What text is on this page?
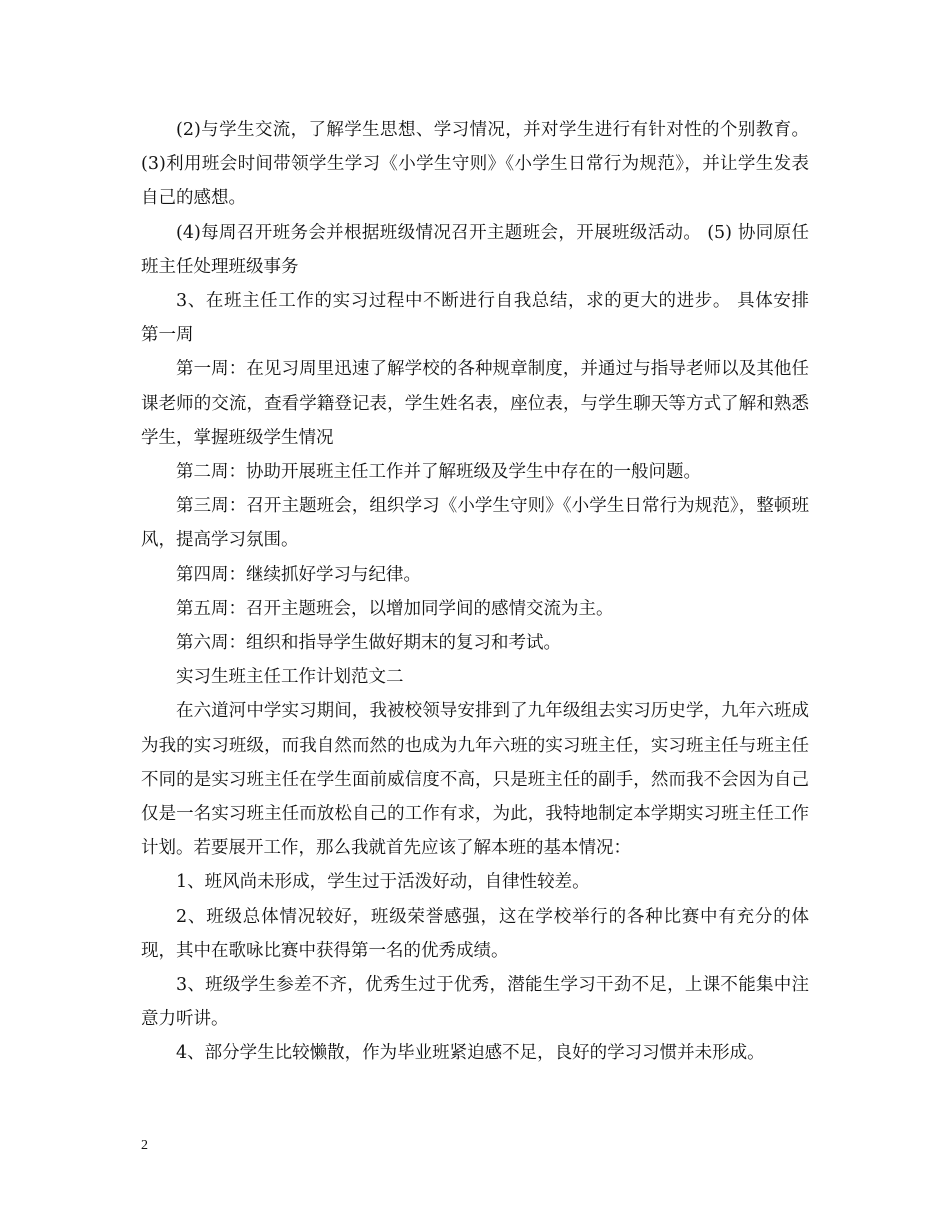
(2)与学生交流，了解学生思想、学习情况，并对学生进行有针对性的个别教育。 (3)利用班会时间带领学生学习《小学生守则》《小学生日常行为规范》，并让学生发表自己的感想。

(4)每周召开班务会并根据班级情况召开主题班会，开展班级活动。 (5) 协同原任班主任处理班级事务

3、在班主任工作的实习过程中不断进行自我总结，求的更大的进步。 具体安排 第一周

第一周：在见习周里迅速了解学校的各种规章制度，并通过与指导老师以及其他任课老师的交流，查看学籍登记表，学生姓名表，座位表，与学生聊天等方式了解和熟悉学生，掌握班级学生情况

第二周：协助开展班主任工作并了解班级及学生中存在的一般问题。

第三周：召开主题班会，组织学习《小学生守则》《小学生日常行为规范》，整顿班风，提高学习氛围。

第四周：继续抓好学习与纪律。

第五周：召开主题班会，以增加同学间的感情交流为主。

第六周：组织和指导学生做好期末的复习和考试。

实习生班主任工作计划范文二

在六道河中学实习期间，我被校领导安排到了九年级组去实习历史学，九年六班成为我的实习班级，而我自然而然的也成为九年六班的实习班主任，实习班主任与班主任不同的是实习班主任在学生面前威信度不高，只是班主任的副手，然而我不会因为自己仅是一名实习班主任而放松自己的工作有求，为此，我特地制定本学期实习班主任工作计划。若要展开工作，那么我就首先应该了解本班的基本情况：

1、班风尚未形成，学生过于活泼好动，自律性较差。

2、班级总体情况较好，班级荣誉感强，这在学校举行的各种比赛中有充分的体现，其中在歌咏比赛中获得第一名的优秀成绩。

3、班级学生参差不齐，优秀生过于优秀，潜能生学习干劲不足，上课不能集中注意力听讲。

4、部分学生比较懒散，作为毕业班紧迫感不足，良好的学习习惯并未形成。

2
